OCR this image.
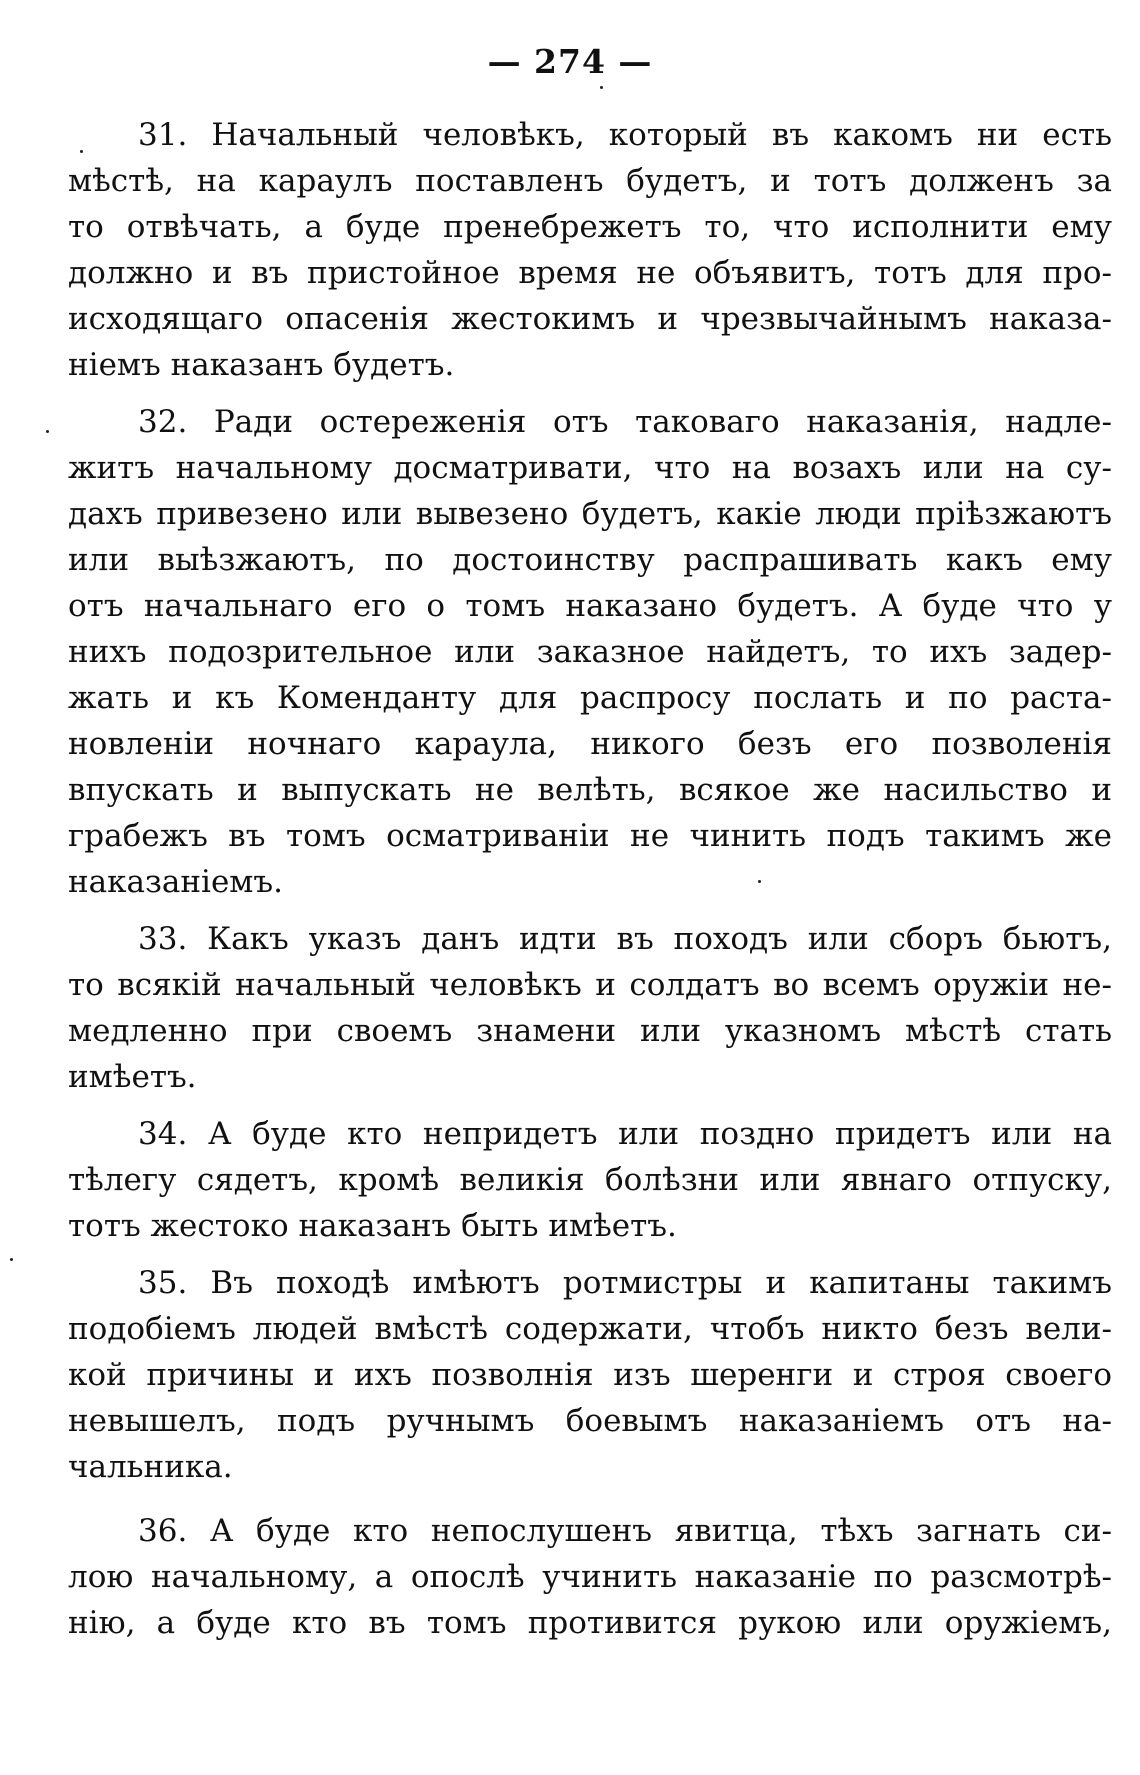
— 274 —
31. Начальный человѣкъ, который въ какомъ ни есть
мѣстѣ, на караулъ поставленъ будетъ, и тотъ долженъ за
то отвѣчать, а буде пренебрежетъ то, что исполнити ему
должно и въ пристойное время не объявитъ, тотъ для про-
исходящаго опасенія жестокимъ и чрезвычайнымъ наказа-
ніемъ наказанъ будетъ.
32. Ради остереженія отъ таковаго наказанія, надле-
житъ начальному досматривати, что на возахъ или на су-
дахъ привезено или вывезено будетъ, какіе люди пріѣзжаютъ
или выѣзжаютъ, по достоинству распрашивать какъ ему
отъ начальнаго его о томъ наказано будетъ. А буде что у
нихъ подозрительное или заказное найдетъ, то ихъ задер-
жать и къ Коменданту для распросу послать и по растa-
новленіи ночнаго караула, никого безъ его позволенія
впускать и выпускать не велѣть, всякое же насильство и
грабежъ въ томъ осматриваніи не чинить подъ такимъ же
наказаніемъ.
33. Какъ указъ данъ идти въ походъ или сборъ бьютъ,
то всякій начальный человѣкъ и солдатъ во всемъ оружіи не-
медленно при своемъ знамени или указномъ мѣстѣ стать
имѣетъ.
34. А буде кто непридетъ или поздно придетъ или на
тѣлегу сядетъ, кромѣ великія болѣзни или явнаго отпуску,
тотъ жестоко наказанъ быть имѣетъ.
35. Въ походѣ имѣютъ ротмистры и капитаны такимъ
подобіемъ людей вмѣстѣ содержати, чтобъ никто безъ вели-
кой причины и ихъ позволнія изъ шеренги и строя своего
невышелъ, подъ ручнымъ боевымъ наказаніемъ отъ на-
чальника.
36. А буде кто непослушенъ явитца, тѣхъ загнать си-
лою начальному, а опослѣ учинить наказаніе по разсмотрѣ-
нію, а буде кто въ томъ противится рукою или оружіемъ,
